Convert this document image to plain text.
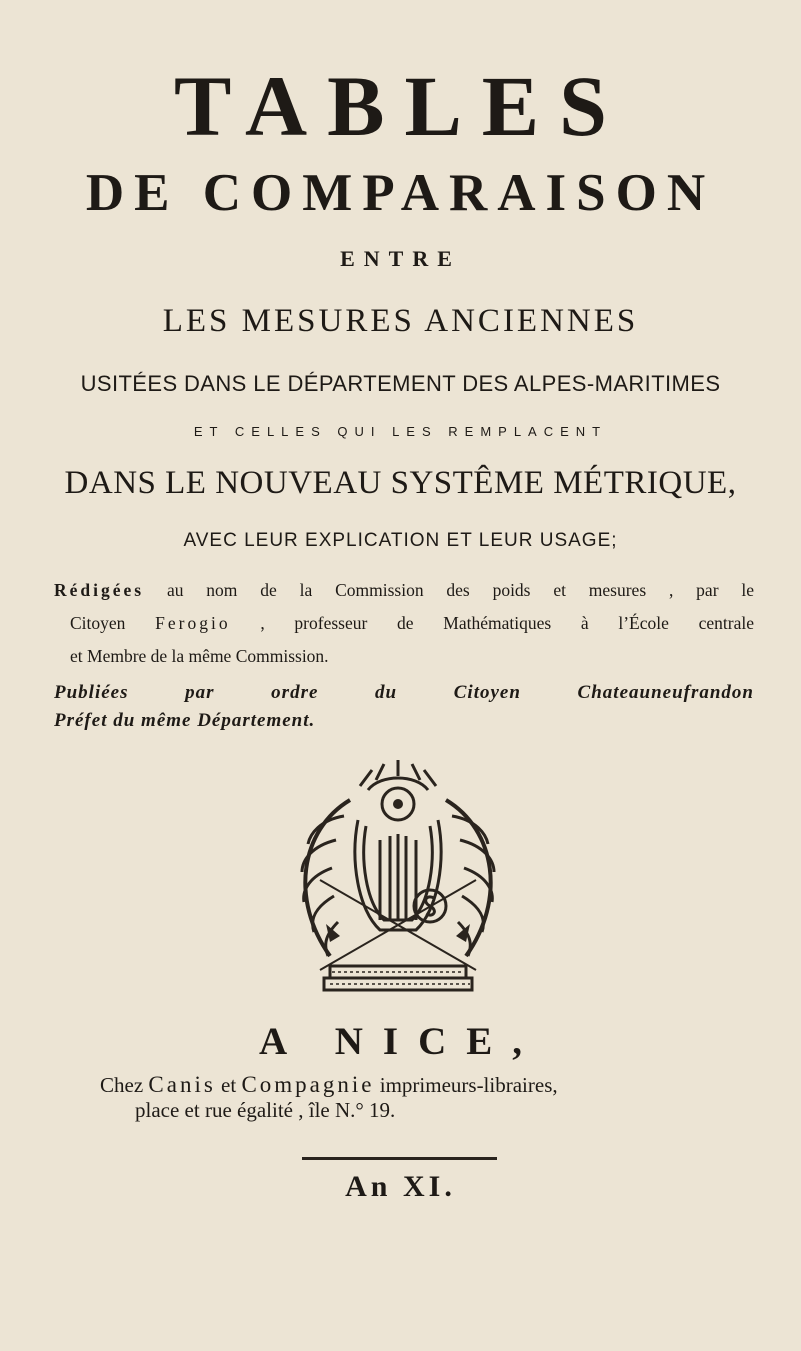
TABLES
DE COMPARAISON
ENTRE
LES MESURES ANCIENNES
USITÉES DANS LE DÉPARTEMENT DES ALPES-MARITIMES
ET CELLES QUI LES REMPLACENT
DANS LE NOUVEAU SYSTÊME MÉTRIQUE,
AVEC LEUR EXPLICATION ET LEUR USAGE;
Rédigées au nom de la Commission des poids et mesures , par le
Citoyen Ferogio , professeur de Mathématiques à l’École centrale
et Membre de la même Commission.
Publiées par ordre du Citoyen Chateauneufrandon
Préfet du même Département.
A NICE,
Chez Canis et Compagnie imprimeurs-libraires,
place et rue égalité , île N.° 19.
An XI.
